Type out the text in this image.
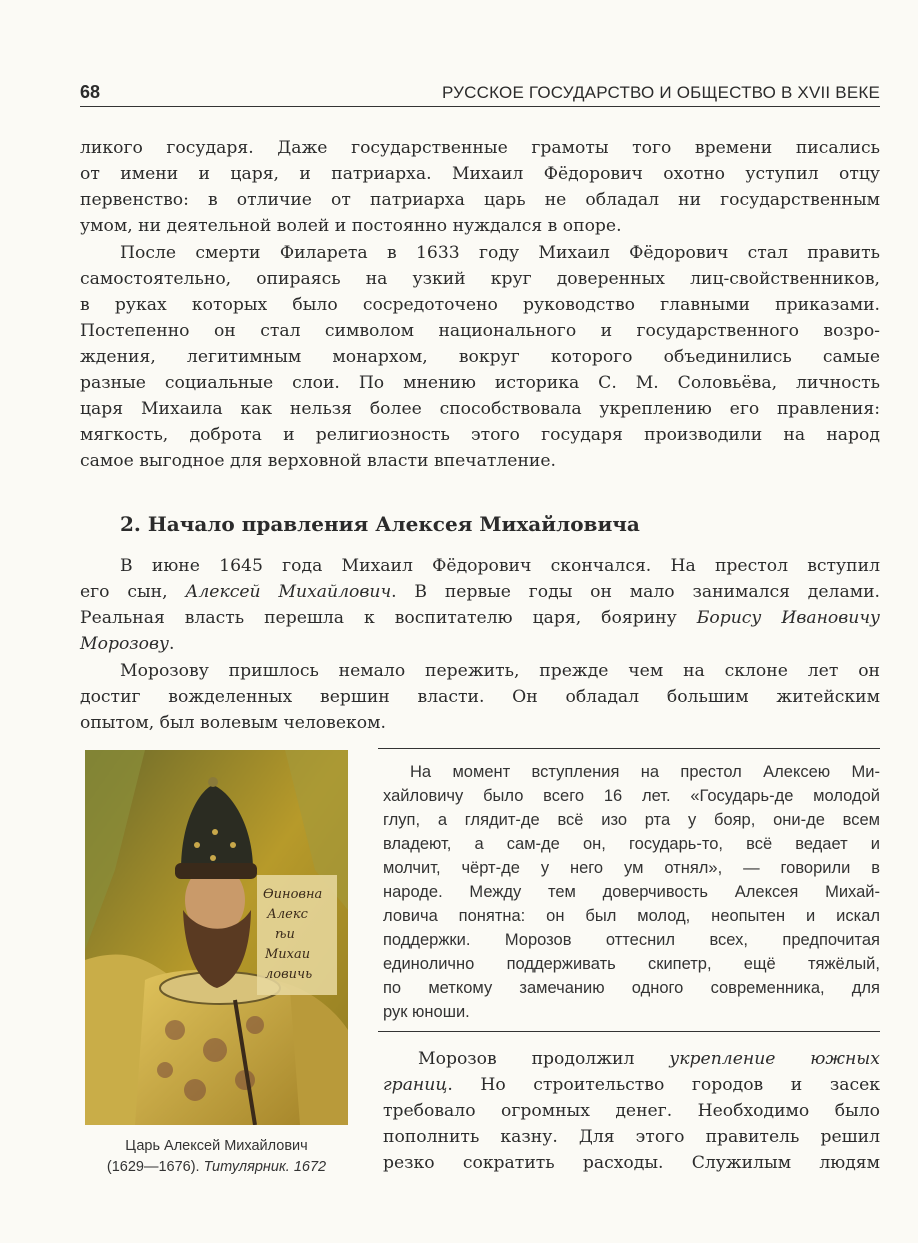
68	РУССКОЕ ГОСУДАРСТВО И ОБЩЕСТВО В XVII ВЕКЕ
ликого государя. Даже государственные грамоты того времени писались
от имени и царя, и патриарха. Михаил Фёдорович охотно уступил отцу
первенство: в отличие от патриарха царь не обладал ни государственным
умом, ни деятельной волей и постоянно нуждался в опоре.
После смерти Филарета в 1633 году Михаил Фёдорович стал править
самостоятельно, опираясь на узкий круг доверенных лиц-свойственников,
в руках которых было сосредоточено руководство главными приказами.
Постепенно он стал символом национального и государственного возро-
ждения, легитимным монархом, вокруг которого объединились самые
разные социальные слои. По мнению историка С. М. Соловьёва, личность
царя Михаила как нельзя более способствовала укреплению его правления:
мягкость, доброта и религиозность этого государя производили на народ
самое выгодное для верховной власти впечатление.
2. Начало правления Алексея Михайловича
В июне 1645 года Михаил Фёдорович скончался. На престол вступил
его сын, Алексей Михайлович. В первые годы он мало занимался делами.
Реальная власть перешла к воспитателю царя, боярину Борису Ивановичу
Морозову.
Морозову пришлось немало пережить, прежде чем на склоне лет он
достиг вожделенных вершин власти. Он обладал большим житейским
опытом, был волевым человеком.
Ѳиновна
Алекс
ѣи
Михаи
ловичь
Царь Алексей Михайлович
(1629—1676). Титулярник. 1672
На момент вступления на престол Алексею Ми-
хайловичу было всего 16 лет. «Государь-де молодой
глуп, а глядит-де всё изо рта у бояр, они-де всем
владеют, а сам-де он, государь-то, всё ведает и
молчит, чёрт-де у него ум отнял», — говорили в
народе. Между тем доверчивость Алексея Михай-
ловича понятна: он был молод, неопытен и искал
поддержки. Морозов оттеснил всех, предпочитая
единолично поддерживать скипетр, ещё тяжёлый,
по меткому замечанию одного современника, для
рук юноши.
Морозов продолжил укрепление южных
границ. Но строительство городов и засек
требовало огромных денег. Необходимо было
пополнить казну. Для этого правитель решил
резко сократить расходы. Служилым людям
